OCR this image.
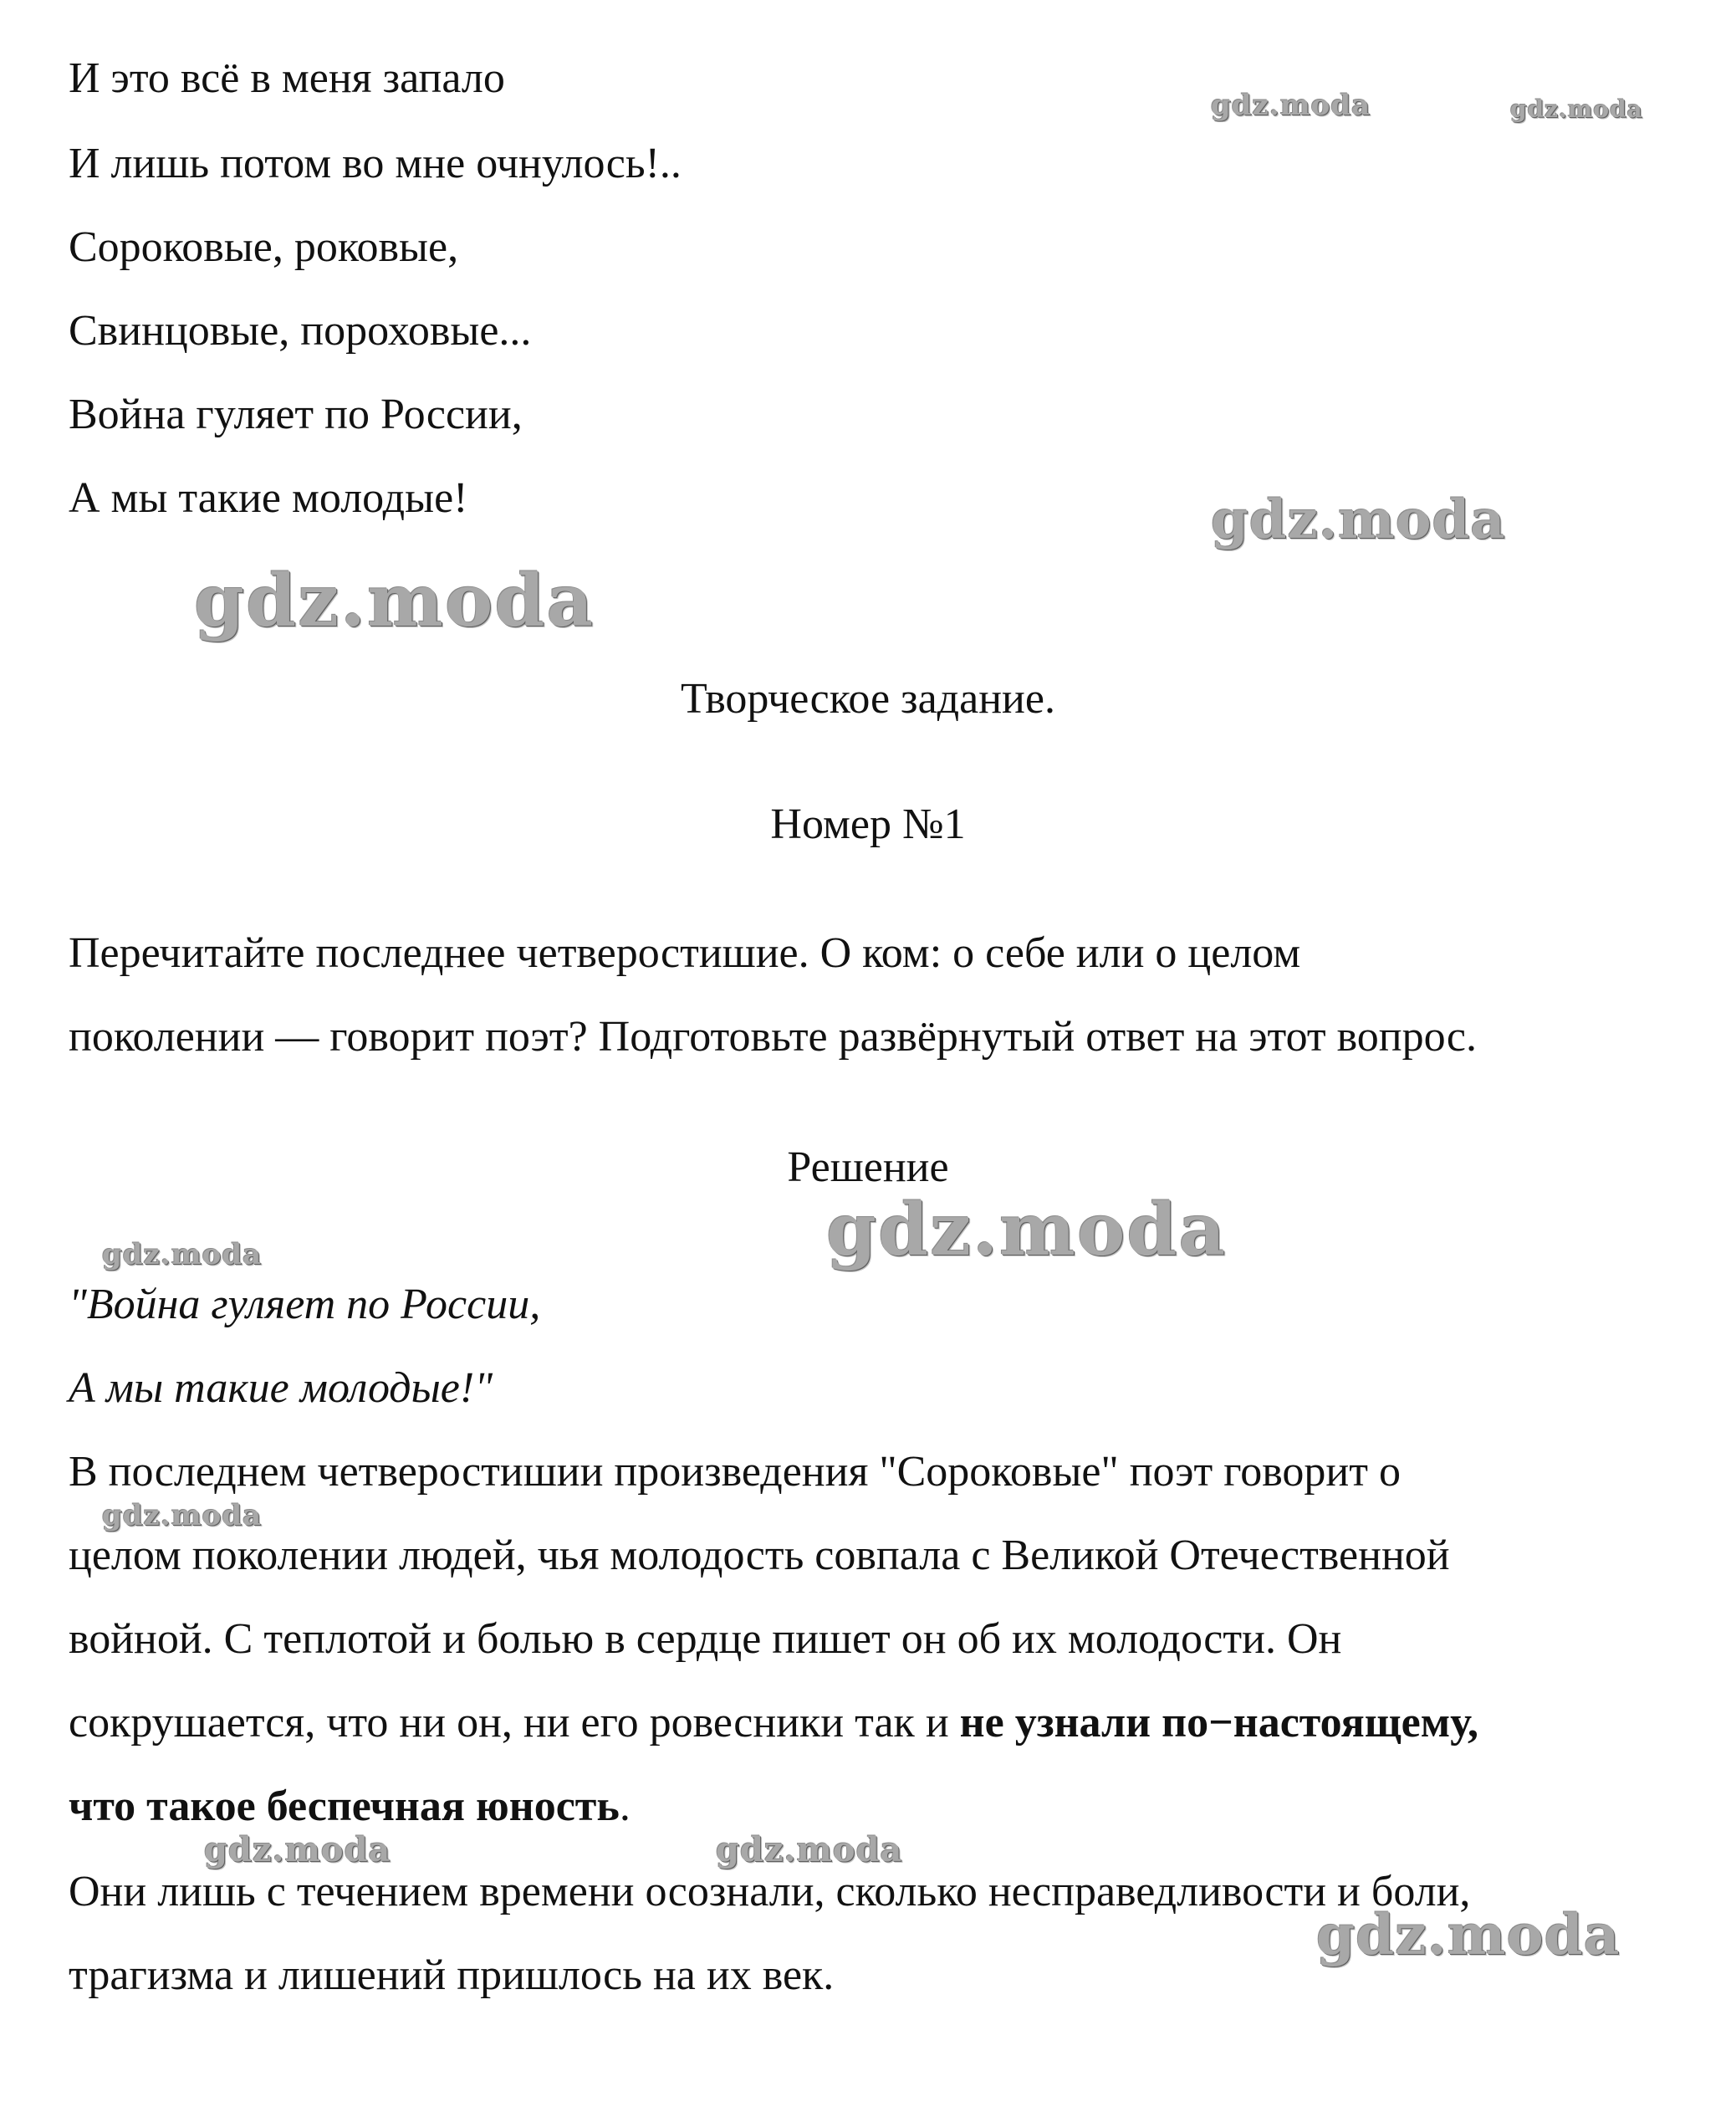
И это всё в меня запало

И лишь потом во мне очнулось!..

Сороковые, роковые,

Свинцовые, пороховые...

Война гуляет по России,

А мы такие молодые!

Творческое задание.

Номер №1

Перечитайте последнее четверостишие. О ком: о себе или о целом

поколении — говорит поэт? Подготовьте развёрнутый ответ на этот вопрос.

Решение

"Война гуляет по России,

А мы такие молодые!"

В последнем четверостишии произведения "Сороковые" поэт говорит о

целом поколении людей, чья молодость совпала с Великой Отечественной

войной. С теплотой и болью в сердце пишет он об их молодости. Он

сокрушается, что ни он, ни его ровесники так и не узнали по−настоящему,

что такое беспечная юность.

Они лишь с течением времени осознали, сколько несправедливости и боли,

трагизма и лишений пришлось на их век.

gdz.moda	gdz.moda
gdz.moda
gdz.moda
gdz.moda
gdz.moda
gdz.moda
gdz.moda	gdz.moda
gdz.moda
